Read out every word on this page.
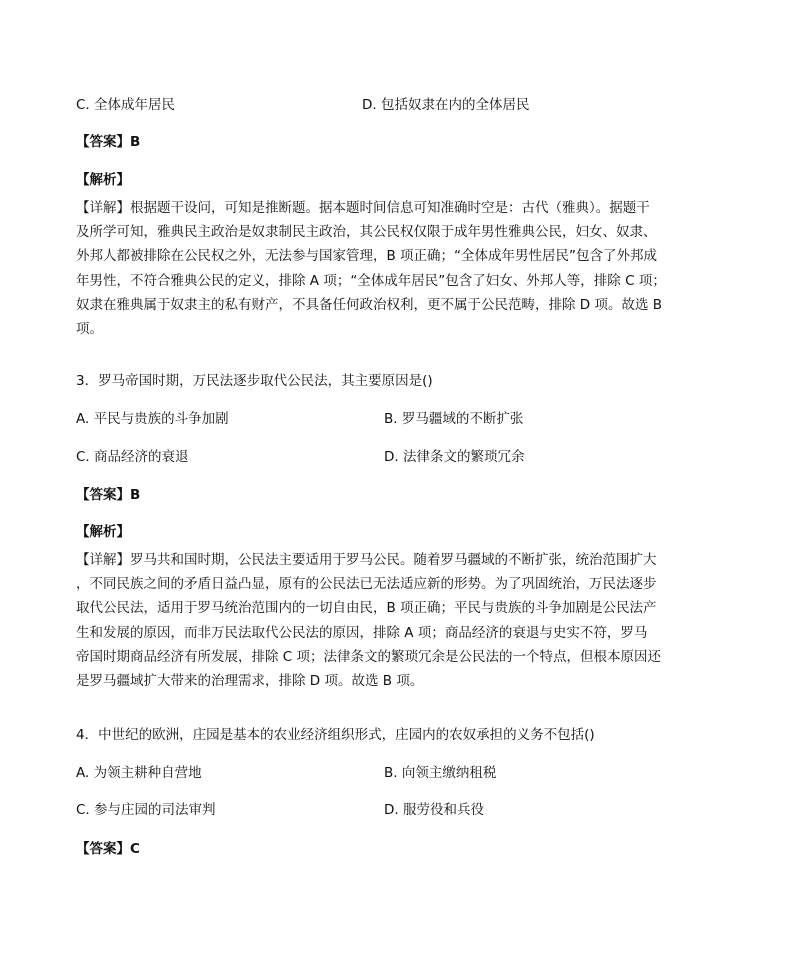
C. 全体成年居民	D. 包括奴隶在内的全体居民
【答案】B
【解析】
【详解】根据题干设问，可知是推断题。据本题时间信息可知准确时空是：古代（雅典）。据题干
及所学可知，雅典民主政治是奴隶制民主政治，其公民权仅限于成年男性雅典公民，妇女、奴隶、
外邦人都被排除在公民权之外，无法参与国家管理，B 项正确；“全体成年男性居民”包含了外邦成
年男性，不符合雅典公民的定义，排除 A 项；“全体成年居民”包含了妇女、外邦人等，排除 C 项；
奴隶在雅典属于奴隶主的私有财产，不具备任何政治权利，更不属于公民范畴，排除 D 项。故选 B
项。
3．罗马帝国时期，万民法逐步取代公民法，其主要原因是()
A. 平民与贵族的斗争加剧	B. 罗马疆域的不断扩张
C. 商品经济的衰退	D. 法律条文的繁琐冗余
【答案】B
【解析】
【详解】罗马共和国时期，公民法主要适用于罗马公民。随着罗马疆域的不断扩张，统治范围扩大
，不同民族之间的矛盾日益凸显，原有的公民法已无法适应新的形势。为了巩固统治，万民法逐步
取代公民法，适用于罗马统治范围内的一切自由民，B 项正确；平民与贵族的斗争加剧是公民法产
生和发展的原因，而非万民法取代公民法的原因，排除 A 项；商品经济的衰退与史实不符，罗马
帝国时期商品经济有所发展，排除 C 项；法律条文的繁琐冗余是公民法的一个特点，但根本原因还
是罗马疆域扩大带来的治理需求，排除 D 项。故选 B 项。
4．中世纪的欧洲，庄园是基本的农业经济组织形式，庄园内的农奴承担的义务不包括()
A. 为领主耕种自营地	B. 向领主缴纳租税
C. 参与庄园的司法审判	D. 服劳役和兵役
【答案】C
